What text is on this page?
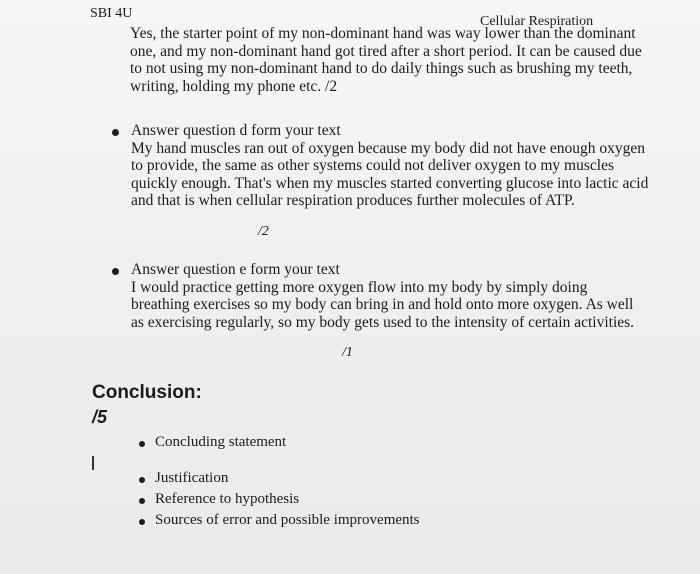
SBI 4U
Cellular Respiration
Yes, the starter point of my non-dominant hand was way lower than the dominant
one, and my non-dominant hand got tired after a short period. It can be caused due
to not using my non-dominant hand to do daily things such as brushing my teeth,
writing, holding my phone etc. /2
Answer question d form your text
My hand muscles ran out of oxygen because my body did not have enough oxygen
to provide, the same as other systems could not deliver oxygen to my muscles
quickly enough. That's when my muscles started converting glucose into lactic acid
and that is when cellular respiration produces further molecules of ATP.
/2
Answer question e form your text
I would practice getting more oxygen flow into my body by simply doing
breathing exercises so my body can bring in and hold onto more oxygen. As well
as exercising regularly, so my body gets used to the intensity of certain activities.
/1
Conclusion:
/5
Concluding statement
Justification
Reference to hypothesis
Sources of error and possible improvements
